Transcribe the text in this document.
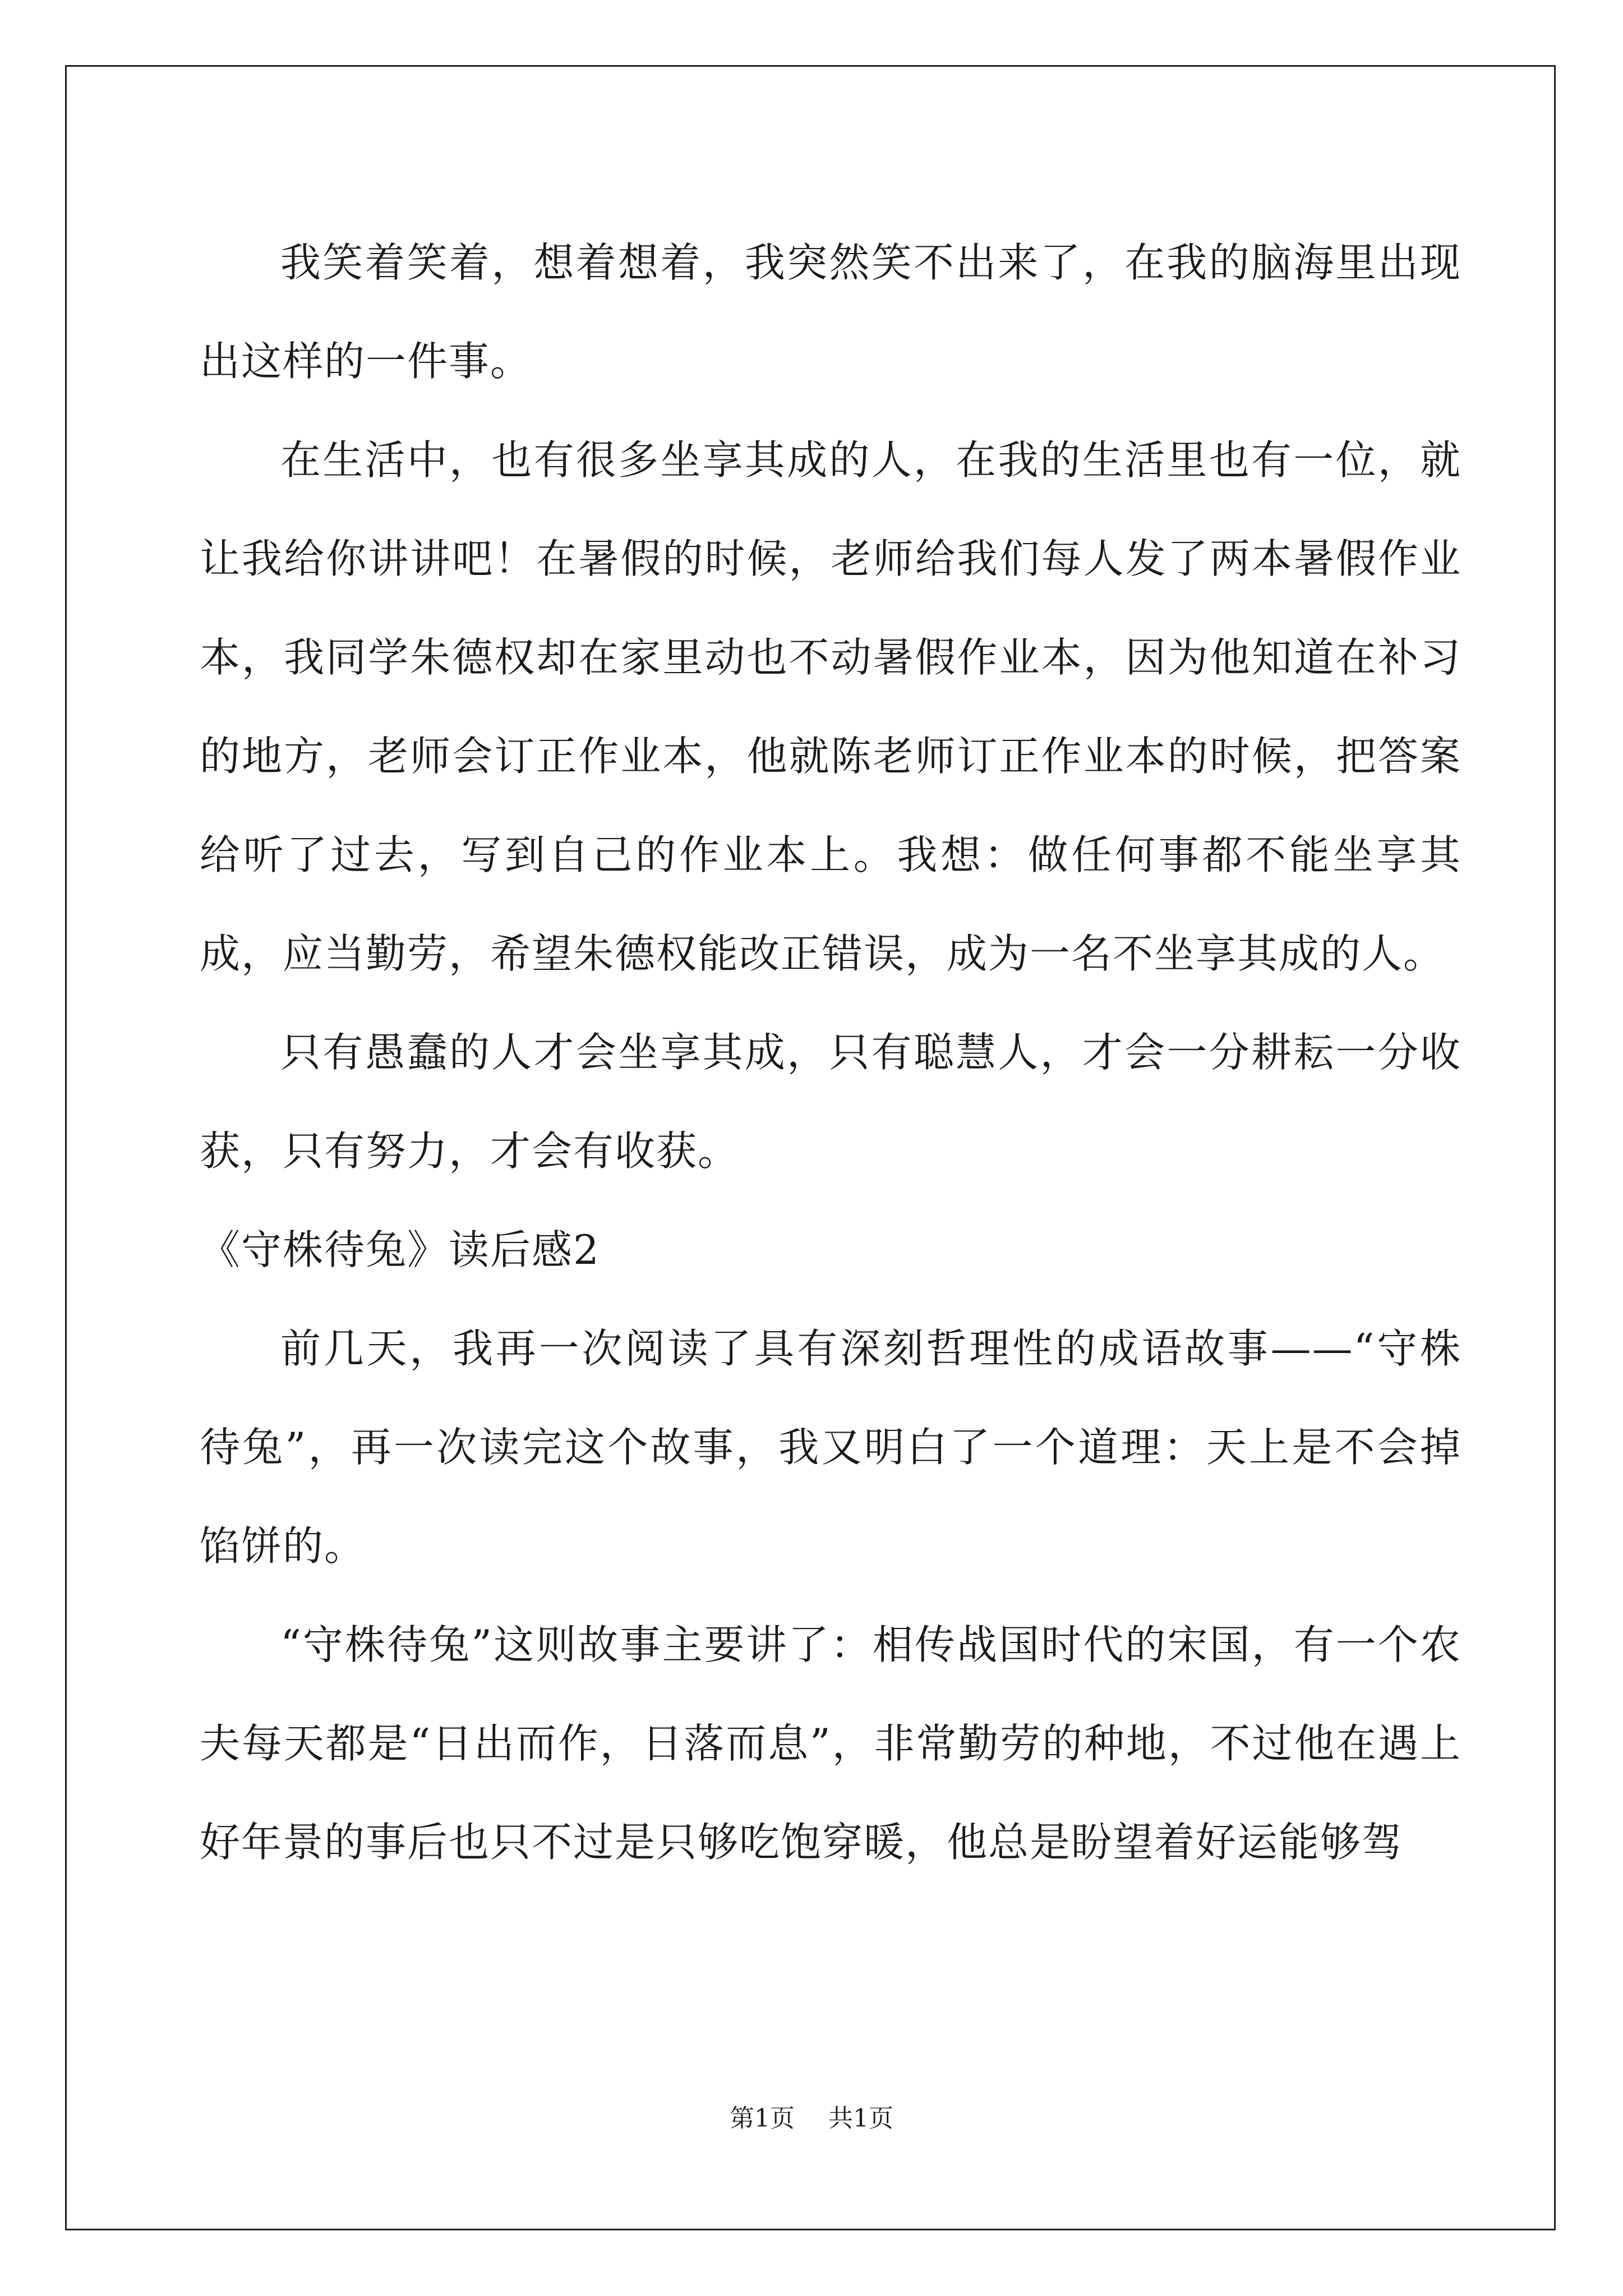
我笑着笑着，想着想着，我突然笑不出来了，在我的脑海里出现出这样的一件事。

在生活中，也有很多坐享其成的人，在我的生活里也有一位，就让我给你讲讲吧！在暑假的时候，老师给我们每人发了两本暑假作业本，我同学朱德权却在家里动也不动暑假作业本，因为他知道在补习的地方，老师会订正作业本，他就陈老师订正作业本的时候，把答案给听了过去，写到自己的作业本上。我想：做任何事都不能坐享其成，应当勤劳，希望朱德权能改正错误，成为一名不坐享其成的人。

只有愚蠢的人才会坐享其成，只有聪慧人，才会一分耕耘一分收获，只有努力，才会有收获。

《守株待兔》读后感2

前几天，我再一次阅读了具有深刻哲理性的成语故事——“守株待兔”，再一次读完这个故事，我又明白了一个道理：天上是不会掉馅饼的。

“守株待兔”这则故事主要讲了：相传战国时代的宋国，有一个农夫每天都是“日出而作，日落而息”，非常勤劳的种地，不过他在遇上好年景的事后也只不过是只够吃饱穿暖，他总是盼望着好运能够驾

第1页 共1页
